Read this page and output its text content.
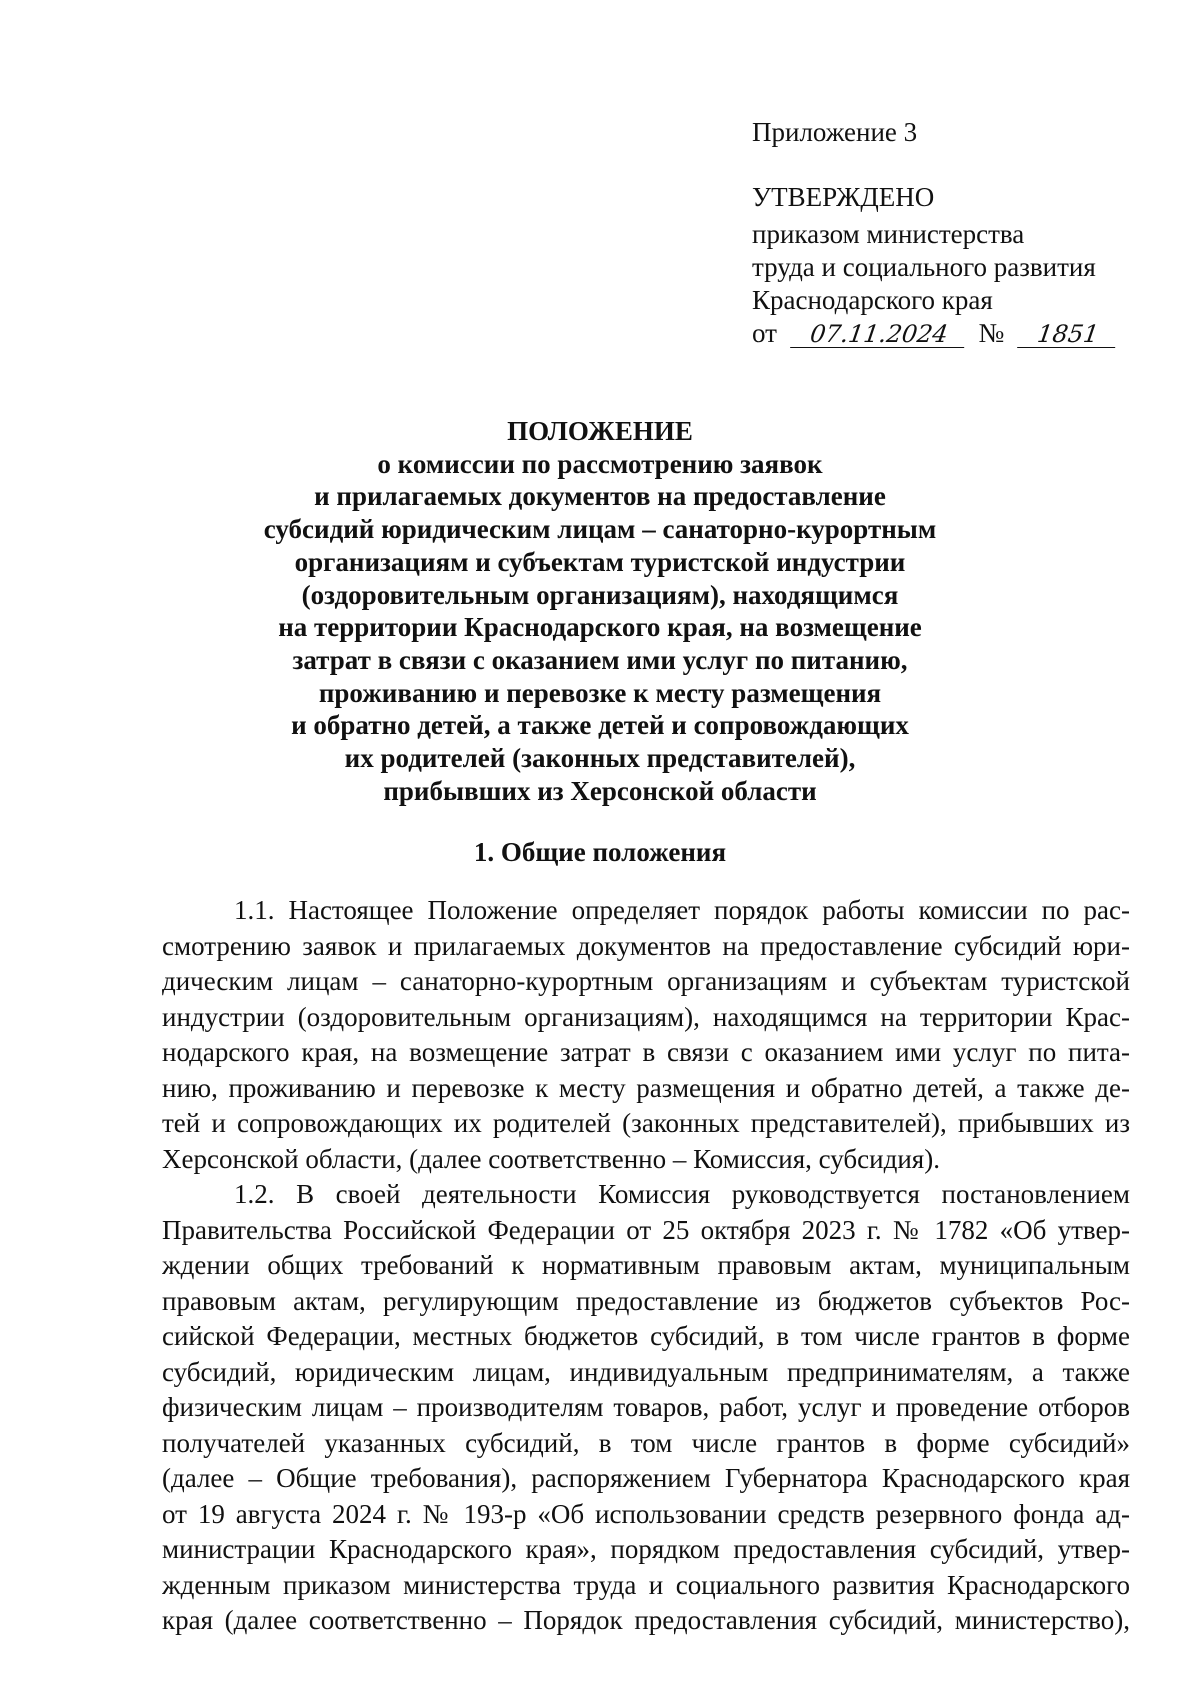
Приложение 3
УТВЕРЖДЕНО
приказом министерства
труда и социального развития
Краснодарского края
от 07.11.2024 № 1851
ПОЛОЖЕНИЕ
о комиссии по рассмотрению заявок
и прилагаемых документов на предоставление
субсидий юридическим лицам – санаторно-курортным
организациям и субъектам туристской индустрии
(оздоровительным организациям), находящимся
на территории Краснодарского края, на возмещение
затрат в связи с оказанием ими услуг по питанию,
проживанию и перевозке к месту размещения
и обратно детей, а также детей и сопровождающих
их родителей (законных представителей),
прибывших из Херсонской области
1. Общие положения
1.1. Настоящее Положение определяет порядок работы комиссии по рас-
смотрению заявок и прилагаемых документов на предоставление субсидий юри-
дическим лицам – санаторно-курортным организациям и субъектам туристской
индустрии (оздоровительным организациям), находящимся на территории Крас-
нодарского края, на возмещение затрат в связи с оказанием ими услуг по пита-
нию, проживанию и перевозке к месту размещения и обратно детей, а также де-
тей и сопровождающих их родителей (законных представителей), прибывших из
Херсонской области, (далее соответственно – Комиссия, субсидия).
1.2. В своей деятельности Комиссия руководствуется постановлением
Правительства Российской Федерации от 25 октября 2023 г. № 1782 «Об утвер-
ждении общих требований к нормативным правовым актам, муниципальным
правовым актам, регулирующим предоставление из бюджетов субъектов Рос-
сийской Федерации, местных бюджетов субсидий, в том числе грантов в форме
субсидий, юридическим лицам, индивидуальным предпринимателям, а также
физическим лицам – производителям товаров, работ, услуг и проведение отборов
получателей указанных субсидий, в том числе грантов в форме субсидий»
(далее – Общие требования), распоряжением Губернатора Краснодарского края
от 19 августа 2024 г. № 193-р «Об использовании средств резервного фонда ад-
министрации Краснодарского края», порядком предоставления субсидий, утвер-
жденным приказом министерства труда и социального развития Краснодарского
края (далее соответственно – Порядок предоставления субсидий, министерство),
